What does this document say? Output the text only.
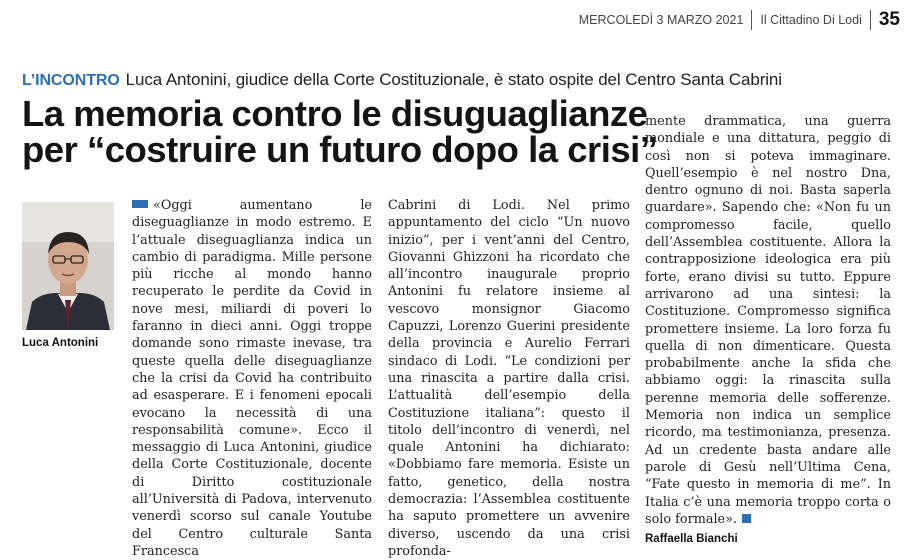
MERCOLEDÌ 3 MARZO 2021 Il Cittadino Di Lodi 35
L’INCONTRO Luca Antonini, giudice della Corte Costituzionale, è stato ospite del Centro Santa Cabrini
La memoria contro le disuguaglianze
per “costruire un futuro dopo la crisi”
Luca Antonini

«Oggi aumentano le diseguaglianze in modo estremo. E l’attuale diseguaglianza indica un cambio di paradigma. Mille persone più ricche al mondo hanno recuperato le perdite da Covid in nove mesi, miliardi di poveri lo faranno in dieci anni. Oggi troppe domande sono rimaste inevase, tra queste quella delle diseguaglianze che la crisi da Covid ha contribuito ad esasperare. E i fenomeni epocali evocano la necessità di una responsabilità comune». Ecco il messaggio di Luca Antonini, giudice della Corte Costituzionale, docente di Diritto costituzionale all’Università di Padova, intervenuto venerdì scorso sul canale Youtube del Centro culturale Santa Francesca

Cabrini di Lodi. Nel primo appuntamento del ciclo “Un nuovo inizio”, per i vent’anni del Centro, Giovanni Ghizzoni ha ricordato che all’incontro inaugurale proprio Antonini fu relatore insieme al vescovo monsignor Giacomo Capuzzi, Lorenzo Guerini presidente della provincia e Aurelio Ferrari sindaco di Lodi. “Le condizioni per una rinascita a partire dalla crisi. L’attualità dell’esempio della Costituzione italiana”: questo il titolo dell’incontro di venerdì, nel quale Antonini ha dichiarato: «Dobbiamo fare memoria. Esiste un fatto, genetico, della nostra democrazia: l’Assemblea costituente ha saputo promettere un avvenire diverso, uscendo da una crisi profonda-

mente drammatica, una guerra mondiale e una dittatura, peggio di così non si poteva immaginare. Quell’esempio è nel nostro Dna, dentro ognuno di noi. Basta saperla guardare». Sapendo che: «Non fu un compromesso facile, quello dell’Assemblea costituente. Allora la contrapposizione ideologica era più forte, erano divisi su tutto. Eppure arrivarono ad una sintesi: la Costituzione. Compromesso significa promettere insieme. La loro forza fu quella di non dimenticare. Questa probabilmente anche la sfida che abbiamo oggi: la rinascita sulla perenne memoria delle sofferenze. Memoria non indica un semplice ricordo, ma testimonianza, presenza. Ad un credente basta andare alle parole di Gesù nell’Ultima Cena, “Fate questo in memoria di me”. In Italia c’è una memoria troppo corta o solo formale».

Raffaella Bianchi
